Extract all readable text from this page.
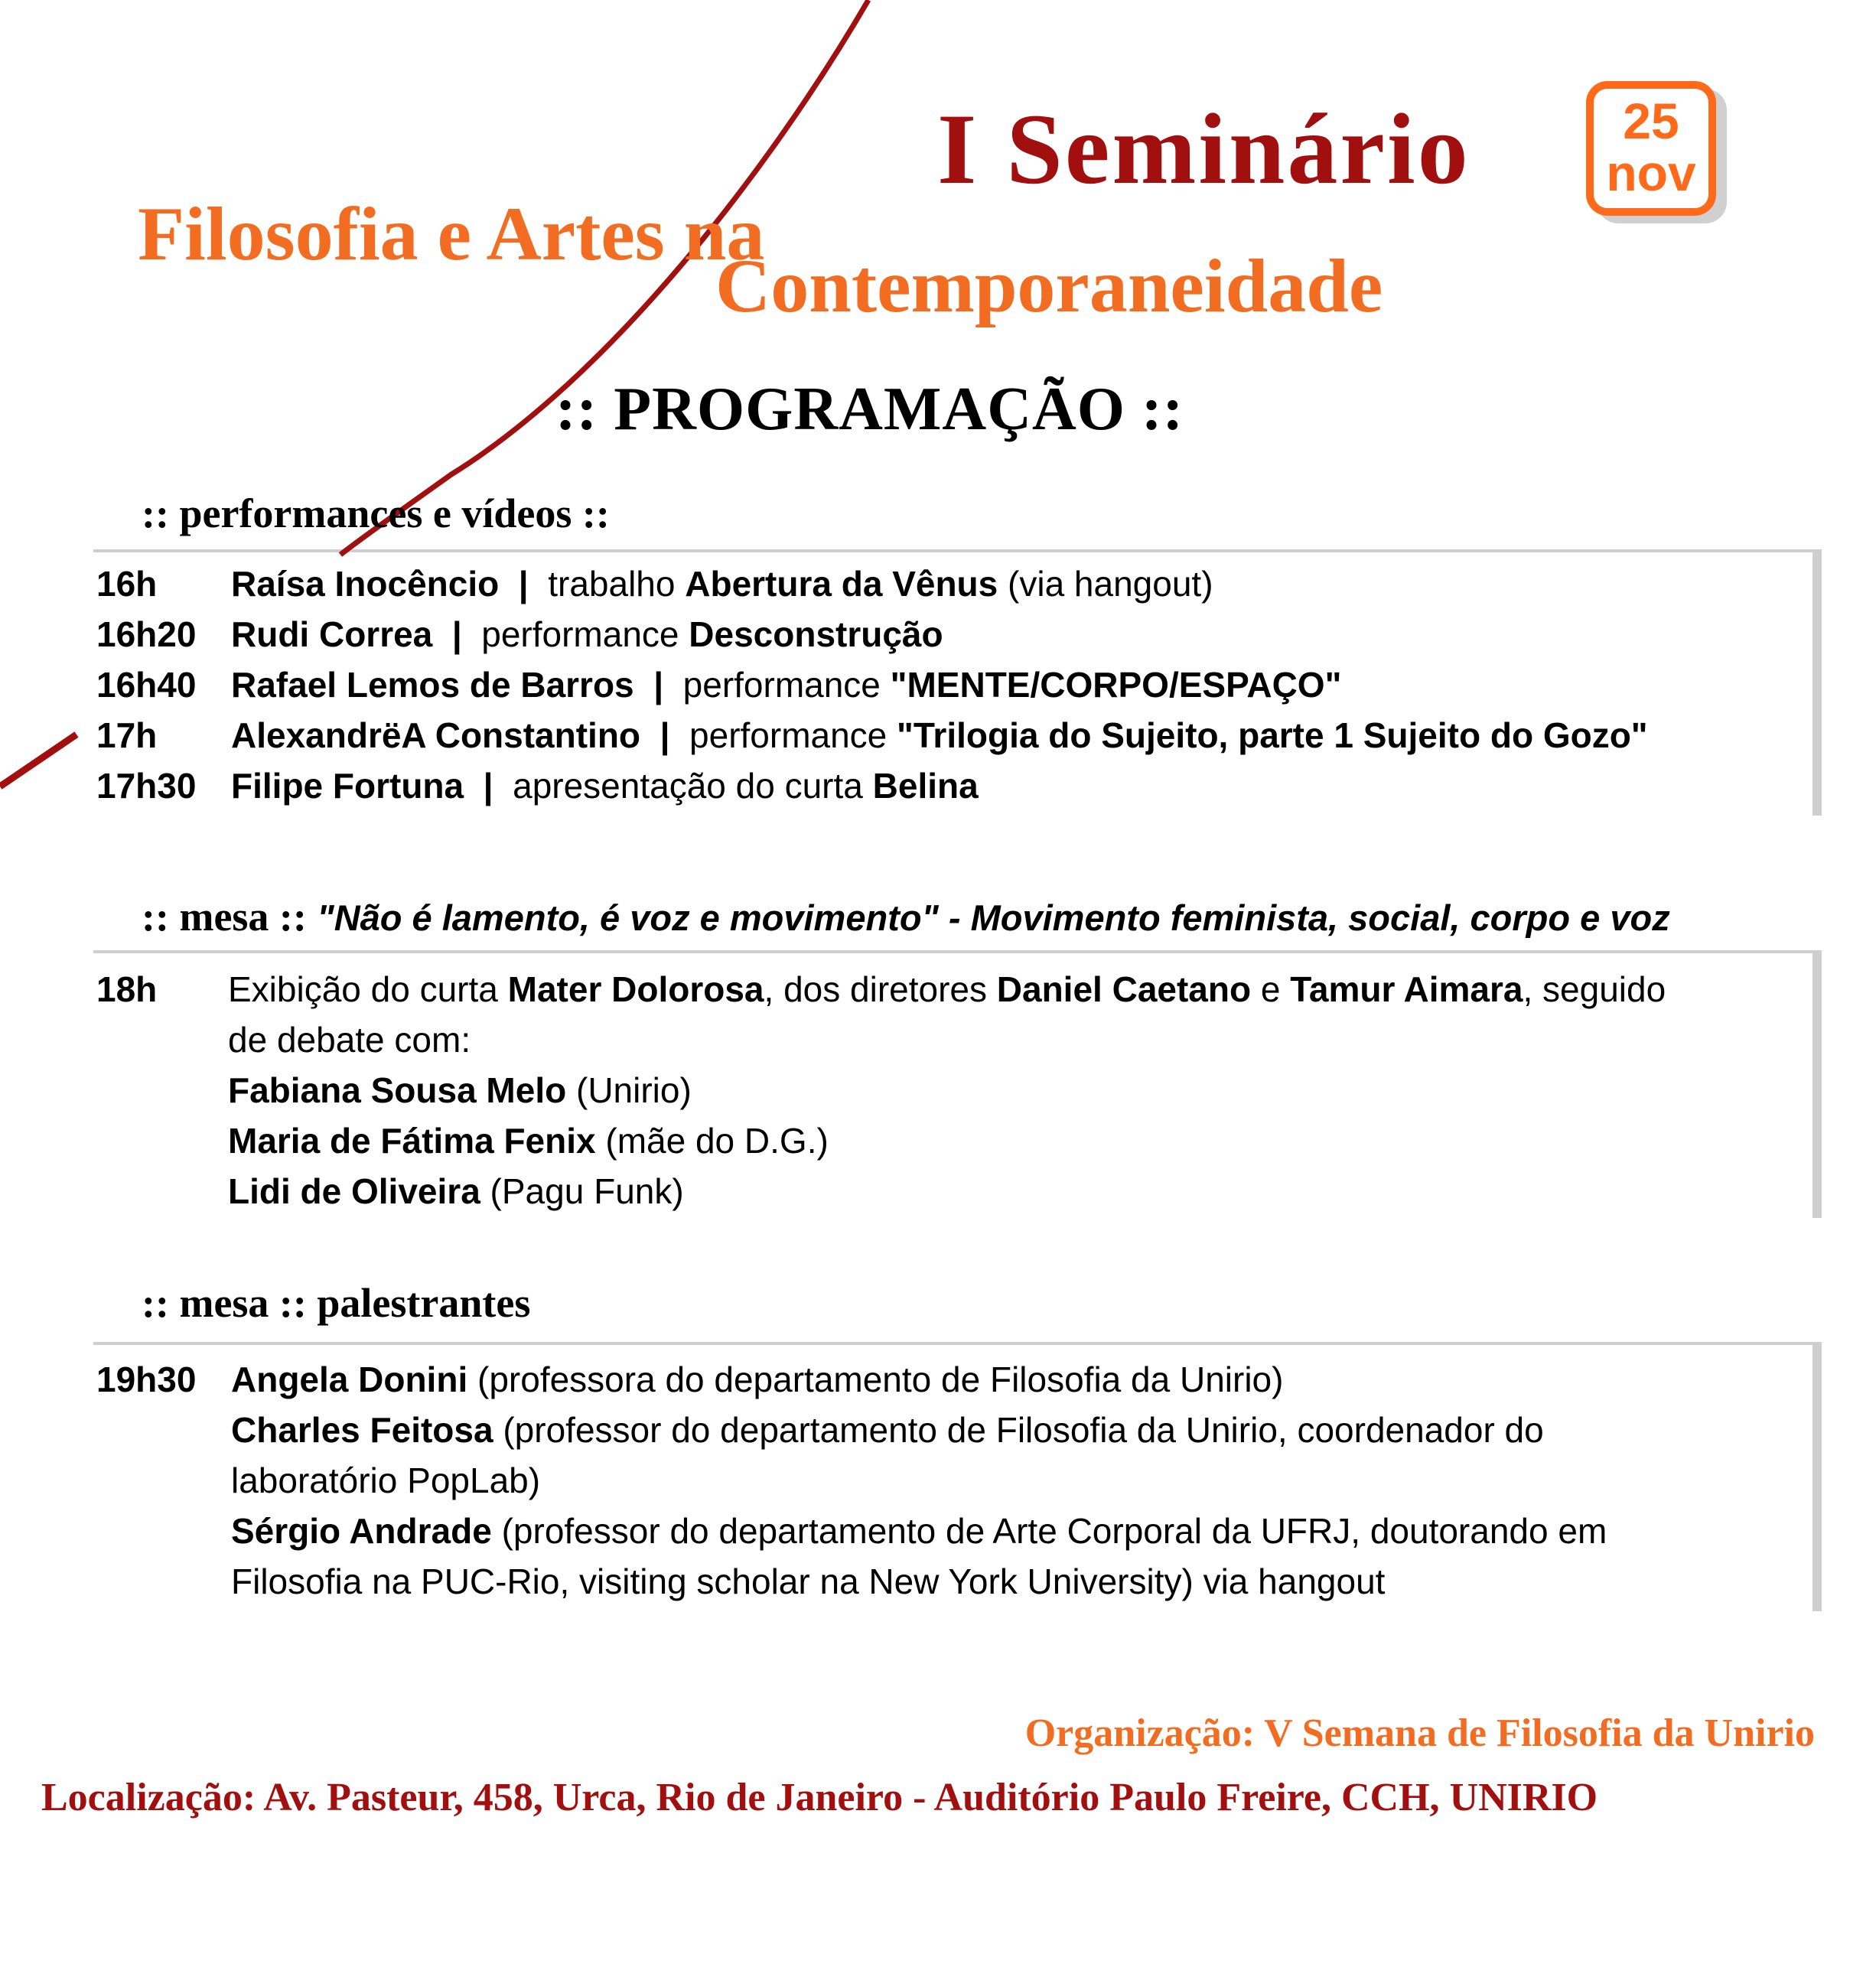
I Seminário	25
nov
Filosofia e Artes na
Contemporaneidade
:: PROGRAMAÇÃO ::
:: performances e vídeos ::
16h Raísa Inocêncio  |  trabalho Abertura da Vênus (via hangout)
16h20 Rudi Correa  |  performance Desconstrução
16h40 Rafael Lemos de Barros  |  performance "MENTE/CORPO/ESPAÇO"
17h AlexandrëA Constantino  |  performance "Trilogia do Sujeito, parte 1 Sujeito do Gozo"
17h30 Filipe Fortuna  |  apresentação do curta Belina
:: mesa :: "Não é lamento, é voz e movimento" - Movimento feminista, social, corpo e voz
18h Exibição do curta Mater Dolorosa, dos diretores Daniel Caetano e Tamur Aimara, seguido
de debate com:
Fabiana Sousa Melo (Unirio)
Maria de Fátima Fenix (mãe do D.G.)
Lidi de Oliveira (Pagu Funk)
:: mesa :: palestrantes
19h30 Angela Donini (professora do departamento de Filosofia da Unirio)
Charles Feitosa (professor do departamento de Filosofia da Unirio, coordenador do
laboratório PopLab)
Sérgio Andrade (professor do departamento de Arte Corporal da UFRJ, doutorando em
Filosofia na PUC-Rio, visiting scholar na New York University) via hangout
Organização: V Semana de Filosofia da Unirio
Localização: Av. Pasteur, 458, Urca, Rio de Janeiro - Auditório Paulo Freire, CCH, UNIRIO
